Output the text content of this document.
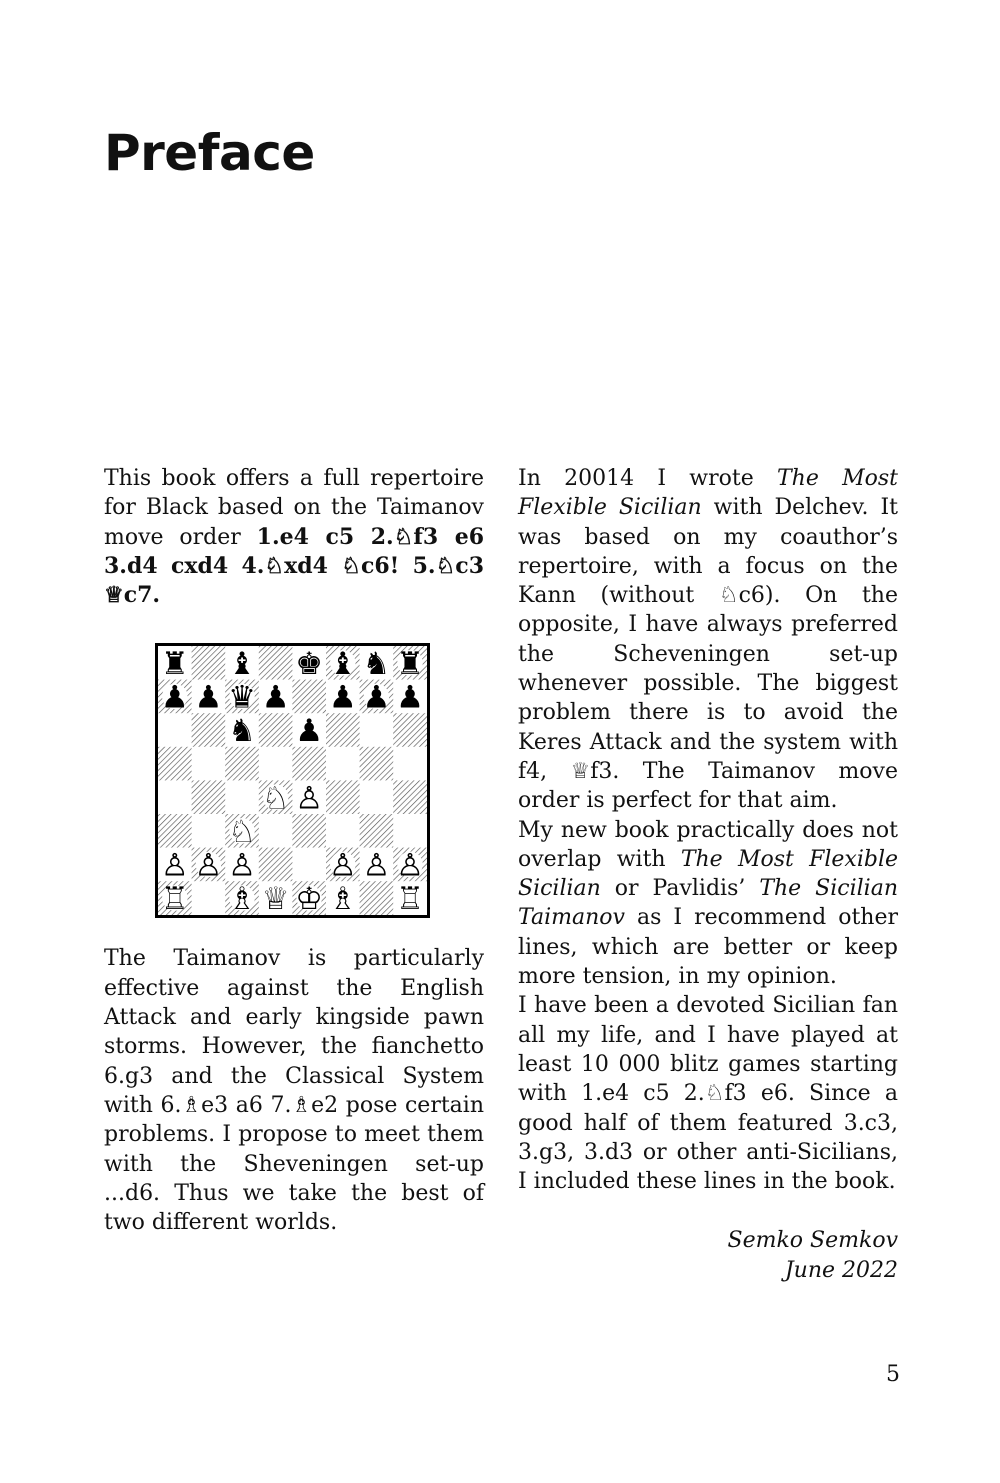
Preface

This book offers a full repertoire for Black based on the Taimanov move order 1.e4 c5 2.♘f3 e6 3.d4 cxd4 4.♘xd4 ♘c6! 5.♘c3 ♕c7.

♜ ♝ ♚ ♝ ♞ ♜
♟ ♟ ♛ ♟ ♟ ♟ ♟
♞ ♟
♘ ♙
♘
♙ ♙ ♙ ♙ ♙ ♙
♖ ♗ ♕ ♔ ♗ ♖

The Taimanov is particularly effective against the English Attack and early kingside pawn storms. However, the fianchetto 6.g3 and the Classical System with 6.♗e3 a6 7.♗e2 pose certain problems. I propose to meet them with the Sheveningen set-up ...d6. Thus we take the best of two different worlds.

In 20014 I wrote The Most Flexible Sicilian with Delchev. It was based on my coauthor’s repertoire, with a focus on the Kann (without ♘c6). On the opposite, I have always preferred the Scheveningen set-up whenever possible. The biggest problem there is to avoid the Keres Attack and the system with f4, ♕f3. The Taimanov move order is perfect for that aim.

My new book practically does not overlap with The Most Flexible Sicilian or Pavlidis’ The Sicilian Taimanov as I recommend other lines, which are better or keep more tension, in my opinion.

I have been a devoted Sicilian fan all my life, and I have played at least 10 000 blitz games starting with 1.e4 c5 2.♘f3 e6. Since a good half of them featured 3.c3, 3.g3, 3.d3 or other anti-Sicilians, I included these lines in the book.

Semko Semkov
June 2022
5
